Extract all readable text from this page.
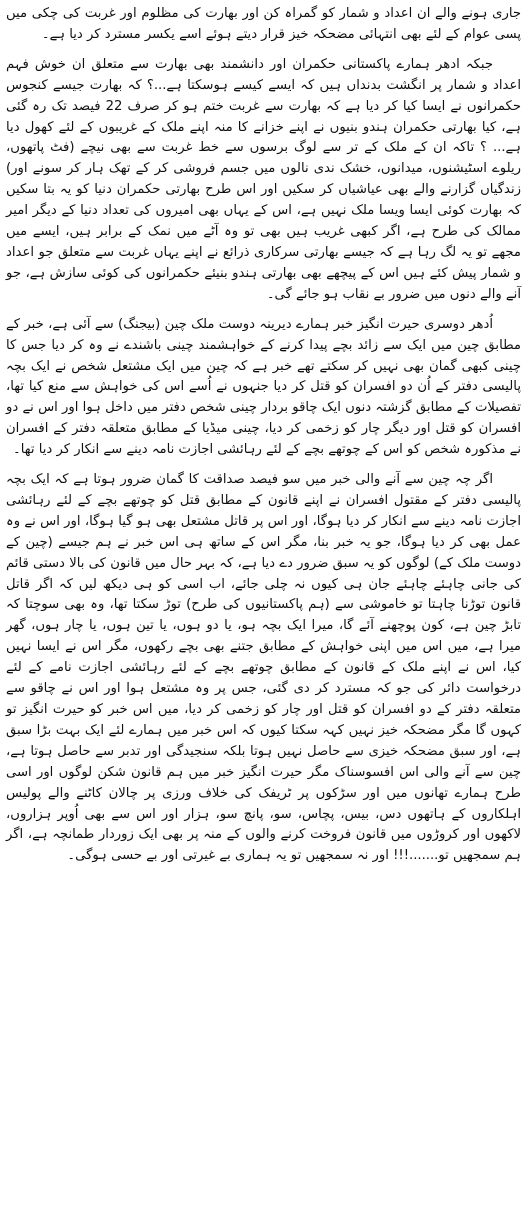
جاری ہونے والے ان اعداد و شمار کو گمراہ کن اور بھارت کی مظلوم اور غربت کی چکی میں پسی عوام کے لئے بھی انتہائی مضحکہ خیز قرار دیتے ہوئے اسے یکسر مسترد کر دیا ہے۔

جبکہ ادھر ہمارے پاکستانی حکمران اور دانشمند بھی بھارت سے متعلق ان خوش فہم اعداد و شمار پر انگشت بدنداں ہیں کہ ایسے کیسے ہوسکتا ہے...؟ کہ بھارت جیسے کنجوس حکمرانوں نے ایسا کیا کر دیا ہے کہ بھارت سے غربت ختم ہو کر صرف 22 فیصد تک رہ گئی ہے، کیا بھارتی حکمران ہندو بنیوں نے اپنے خزانے کا منہ اپنے ملک کے غریبوں کے لئے کھول دیا ہے... ؟ تاکہ ان کے ملک کے تر سے لوگ برسوں سے خط غربت سے بھی نیچے (فٹ پاتھوں، ریلوے اسٹیشنوں، میدانوں، خشک ندی نالوں میں جسم فروشی کر کے تھک ہار کر سونے اور) زندگیاں گزارنے والے بھی عیاشیاں کر سکیں اور اس طرح بھارتی حکمران دنیا کو یہ بتا سکیں کہ بھارت کوئی ایسا ویسا ملک نہیں ہے، اس کے یہاں بھی امیروں کی تعداد دنیا کے دیگر امیر ممالک کی طرح ہے، اگر کبھی غریب ہیں بھی تو وہ آٹے میں نمک کے برابر ہیں، ایسے میں مجھے تو یہ لگ رہا ہے کہ جیسے بھارتی سرکاری ذرائع نے اپنے یہاں غربت سے متعلق جو اعداد و شمار پیش کئے ہیں اس کے پیچھے بھی بھارتی ہندو بنیئے حکمرانوں کی کوئی سازش ہے، جو آنے والے دنوں میں ضرور بے نقاب ہو جائے گی۔

اُدھر دوسری حیرت انگیز خبر ہمارے دیرینہ دوست ملک چین (بیجنگ) سے آئی ہے، خبر کے مطابق چین میں ایک سے زائد بچے پیدا کرنے کے خواہشمند چینی باشندے نے وہ کر دیا جس کا چینی کبھی گمان بھی نہیں کر سکتے تھے خبر ہے کہ چین میں ایک مشتعل شخص نے ایک بچہ پالیسی دفتر کے اُن دو افسران کو قتل کر دیا جنہوں نے اُسے اس کی خواہش سے منع کیا تھا، تفصیلات کے مطابق گزشتہ دنوں ایک چاقو بردار چینی شخص دفتر میں داخل ہوا اور اس نے دو افسران کو قتل اور دیگر چار کو زخمی کر دیا، چینی میڈیا کے مطابق متعلقہ دفتر کے افسران نے مذکورہ شخص کو اس کے چوتھے بچے کے لئے رہائشی اجازت نامہ دینے سے انکار کر دیا تھا۔

اگر چہ چین سے آنے والی خبر میں سو فیصد صداقت کا گمان ضرور ہوتا ہے کہ ایک بچہ پالیسی دفتر کے مقتول افسران نے اپنے قانون کے مطابق قتل کو چوتھے بچے کے لئے رہائشی اجازت نامہ دینے سے انکار کر دیا ہوگا، اور اس پر قاتل مشتعل بھی ہو گیا ہوگا، اور اس نے وہ عمل بھی کر دیا ہوگا، جو یہ خبر بنا، مگر اس کے ساتھ ہی اس خبر نے ہم جیسے (چین کے دوست ملک کے) لوگوں کو یہ سبق ضرور دے دیا ہے، کہ بہر حال میں قانون کی بالا دستی قائم کی جانی چاہئے چاہئے جان ہی کیوں نہ چلی جائے، اب اسی کو ہی دیکھ لیں کہ اگر قاتل قانون توڑنا چاہتا تو خاموشی سے (ہم پاکستانیوں کی طرح) توڑ سکتا تھا، وہ بھی سوچتا کہ تابڑ چین ہے، کون پوچھنے آئے گا، میرا ایک بچہ ہو، یا دو ہوں، یا تین ہوں، یا چار ہوں، گھر میرا ہے، میں اس میں اپنی خواہش کے مطابق جتنے بھی بچے رکھوں، مگر اس نے ایسا نہیں کیا، اس نے اپنے ملک کے قانون کے مطابق چوتھے بچے کے لئے رہائشی اجازت نامے کے لئے درخواست دائر کی جو کہ مسترد کر دی گئی، جس پر وہ مشتعل ہوا اور اس نے چاقو سے متعلقہ دفتر کے دو افسران کو قتل اور چار کو زخمی کر دیا، میں اس خبر کو حیرت انگیز تو کہوں گا مگر مضحکہ خیز نہیں کہہ سکتا کیوں کہ اس خبر میں ہمارے لئے ایک بہت بڑا سبق ہے، اور سبق مضحکہ خیزی سے حاصل نہیں ہوتا بلکہ سنجیدگی اور تدبر سے حاصل ہوتا ہے، چین سے آنے والی اس افسوسناک مگر حیرت انگیز خبر میں ہم قانون شکن لوگوں اور اسی طرح ہمارے تھانوں میں اور سڑکوں پر ٹریفک کی خلاف ورزی پر چالان کاٹنے والے پولیس اہلکاروں کے ہاتھوں دس، بیس، پچاس، سو، پانچ سو، ہزار اور اس سے بھی اُوپر ہزاروں، لاکھوں اور کروڑوں میں قانون فروخت کرنے والوں کے منہ پر بھی ایک زوردار طمانچہ ہے، اگر ہم سمجھیں تو.......!!! اور نہ سمجھیں تو یہ ہماری بے غیرتی اور بے حسی ہوگی۔
